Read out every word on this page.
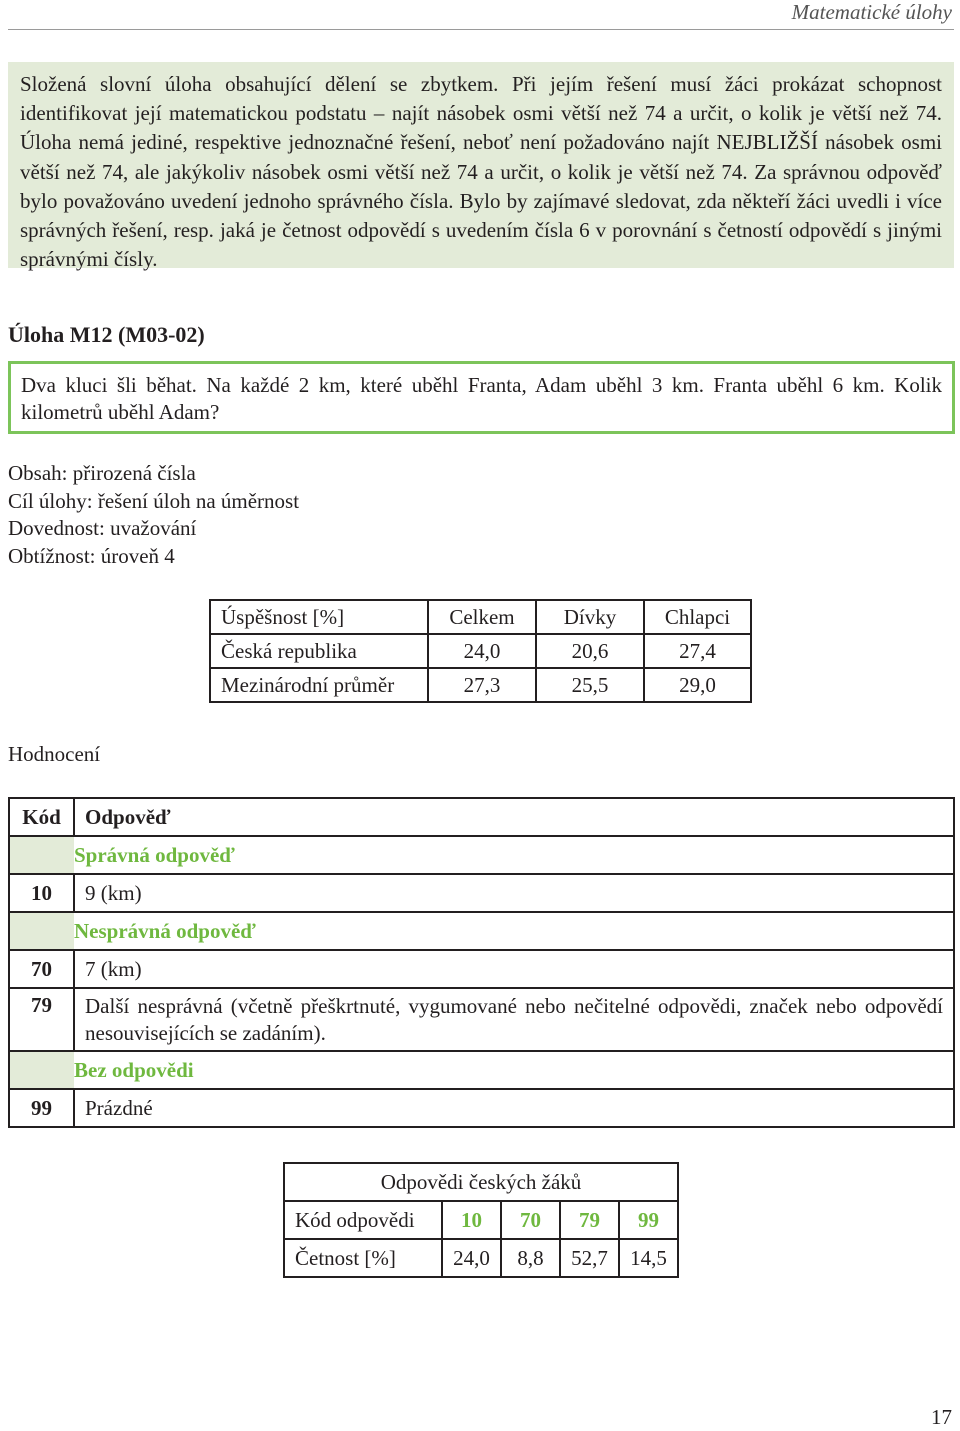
Matematické úlohy

Složená slovní úloha obsahující dělení se zbytkem. Při jejím řešení musí žáci prokázat schopnost identifikovat její matematickou podstatu – najít násobek osmi větší než 74 a určit, o kolik je větší než 74. Úloha nemá jediné, respektive jednoznačné řešení, neboť není požadováno najít NEJBLIŽŠÍ násobek osmi větší než 74, ale jakýkoliv násobek osmi větší než 74 a určit, o kolik je větší než 74. Za správnou odpověď bylo považováno uvedení jednoho správného čísla. Bylo by zajímavé sledovat, zda někteří žáci uvedli i více správných řešení, resp. jaká je četnost odpovědí s uvedením čísla 6 v porovnání s četností odpovědí s jinými správnými čísly.

Úloha M12 (M03-02)

Dva kluci šli běhat. Na každé 2 km, které uběhl Franta, Adam uběhl 3 km. Franta uběhl 6 km. Kolik kilometrů uběhl Adam?

Obsah: přirozená čísla
Cíl úlohy: řešení úloh na úměrnost
Dovednost: uvažování
Obtížnost: úroveň 4
Úspěšnost [%]	Celkem	Dívky	Chlapci
Česká republika	24,0	20,6	27,4
Mezinárodní průměr	27,3	25,5	29,0
Hodnocení
Kód	Odpověď
	Správná odpověď
10	9 (km)
	Nesprávná odpověď
70	7 (km)
79	Další nesprávná (včetně přeškrtnuté, vygumované nebo nečitelné odpovědi, značek nebo odpovědí nesouvisejících se zadáním).

	Bez odpovědi
99	Prázdné
Odpovědi českých žáků				
Kód odpovědi	10	70	79	99
Četnost [%]	24,0	8,8	52,7	14,5
17
